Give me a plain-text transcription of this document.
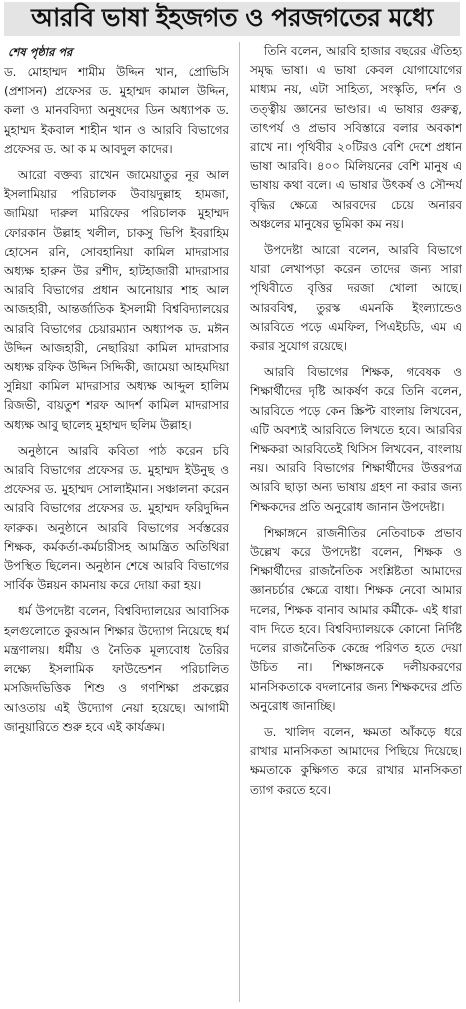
আরবি ভাষা ইহজগত ও পরজগতের মধ্যে

শেষ পৃষ্ঠার পর

ড. মোহাম্মদ শামীম উদ্দিন খান, প্রোভিসি (প্রশাসন) প্রফেসর ড. মুহাম্মদ কামাল উদ্দিন, কলা ও মানববিদ্যা অনুষদের ডিন অধ্যাপক ড. মুহাম্মদ ইকবাল শাহীন খান ও আরবি বিভাগের প্রফেসর ড. আ ক ম আবদুল কাদের।

আরো বক্তব্য রাখেন জামেয়াতুর নূর আল ইসলামিয়ার পরিচালক উবায়দুল্লাহ হামজা, জামিয়া দারুল মারিফের পরিচালক মুহাম্মদ ফোরকান উল্লাহ খলীল, চাকসু ভিপি ইবরাহিম হোসেন রনি, সোবহানিয়া কামিল মাদরাসার অধ্যক্ষ হারুন উর রশীদ, হাটহাজারী মাদরাসার আরবি বিভাগের প্রধান আনোয়ার শাহ আল আজহারী, আন্তর্জাতিক ইসলামী বিশ্ববিদ্যালয়ের আরবি বিভাগের চেয়ারম্যান অধ্যাপক ড. মঈন উদ্দিন আজহারী, নেছারিয়া কামিল মাদরাসার অধ্যক্ষ রফিক উদ্দিন সিদ্দিকী, জামেয়া আহমদিয়া সুন্নিয়া কামিল মাদরাসার অধ্যক্ষ আব্দুল হালিম রিজভী, বায়তুশ শরফ আদর্শ কামিল মাদরাসার অধ্যক্ষ আবু ছালেহ মুহাম্মদ ছলিম উল্লাহ।

অনুষ্ঠানে আরবি কবিতা পাঠ করেন চবি আরবি বিভাগের প্রফেসর ড. মুহাম্মদ ইউনুছ ও প্রফেসর ড. মুহাম্মদ সোলাইমান। সঞ্চালনা করেন আরবি বিভাগের প্রফেসর ড. মুহাম্মদ ফরিদুদ্দিন ফারুক। অনুষ্ঠানে আরবি বিভাগের সর্বস্তরের শিক্ষক, কর্মকর্তা-কর্মচারীসহ আমন্ত্রিত অতিথিরা উপস্থিত ছিলেন। অনুষ্ঠান শেষে আরবি বিভাগের সার্বিক উন্নয়ন কামনায় করে দোয়া করা হয়।

ধর্ম উপদেষ্টা বলেন, বিশ্ববিদ্যালয়ের আবাসিক হলগুলোতে কুরআন শিক্ষার উদ্যোগ নিয়েছে ধর্ম মন্ত্রণালয়। ধর্মীয় ও নৈতিক মূল্যবোধ তৈরির লক্ষ্যে ইসলামিক ফাউন্ডেশন পরিচালিত মসজিদভিত্তিক শিশু ও গণশিক্ষা প্রকল্পের আওতায় এই উদ্যোগ নেয়া হয়েছে। আগামী জানুয়ারিতে শুরু হবে এই কার্যক্রম।

তিনি বলেন, আরবি হাজার বছরের ঐতিহ্য সমৃদ্ধ ভাষা। এ ভাষা কেবল যোগাযোগের মাধ্যম নয়, এটা সাহিত্য, সংস্কৃতি, দর্শন ও তত্ত্বীয় জ্ঞানের ভাণ্ডার। এ ভাষার গুরুত্ব, তাৎপর্য ও প্রভাব সবিস্তারে বলার অবকাশ রাখে না। পৃথিবীর ২০টিরও বেশি দেশে প্রধান ভাষা আরবি। ৪০০ মিলিয়নের বেশি মানুষ এ ভাষায় কথা বলে। এ ভাষার উৎকর্ষ ও সৌন্দর্য বৃদ্ধির ক্ষেত্রে আরবদের চেয়ে অনারব অঞ্চলের মানুষের ভূমিকা কম নয়।

উপদেষ্টা আরো বলেন, আরবি বিভাগে যারা লেখাপড়া করেন তাদের জন্য সারা পৃথিবীতে বৃত্তির দরজা খোলা আছে। আরববিশ্ব, তুরস্ক এমনকি ইংল্যান্ডেও আরবিতে পড়ে এমফিল, পিএইচডি, এম এ করার সুযোগ রয়েছে।

আরবি বিভাগের শিক্ষক, গবেষক ও শিক্ষার্থীদের দৃষ্টি আকর্ষণ করে তিনি বলেন, আরবিতে পড়ে কেন স্ক্রিপ্ট বাংলায় লিখবেন, এটি অবশ্যই আরবিতে লিখতে হবে। আরবির শিক্ষকরা আরবিতেই থিসিস লিখবেন, বাংলায় নয়। আরবি বিভাগের শিক্ষার্থীদের উত্তরপত্র আরবি ছাড়া অন্য ভাষায় গ্রহণ না করার জন্য শিক্ষকদের প্রতি অনুরোধ জানান উপদেষ্টা।

শিক্ষাঙ্গনে রাজনীতির নেতিবাচক প্রভাব উল্লেখ করে উপদেষ্টা বলেন, শিক্ষক ও শিক্ষার্থীদের রাজনৈতিক সংশ্লিষ্টতা আমাদের জ্ঞানচর্চার ক্ষেত্রে বাধা। শিক্ষক নেবো আমার দলের, শিক্ষক বানাব আমার কর্মীকে- এই ধারা বাদ দিতে হবে। বিশ্ববিদ্যালয়কে কোনো নির্দিষ্ট দলের রাজনৈতিক কেন্দ্রে পরিণত হতে দেয়া উচিত না। শিক্ষাঙ্গনকে দলীয়করণের মানসিকতাকে বদলানোর জন্য শিক্ষকদের প্রতি অনুরোধ জানাচ্ছি।

ড. খালিদ বলেন, ক্ষমতা আঁকড়ে ধরে রাখার মানসিকতা আমাদের পিছিয়ে দিয়েছে। ক্ষমতাকে কুক্ষিগত করে রাখার মানসিকতা ত্যাগ করতে হবে।
